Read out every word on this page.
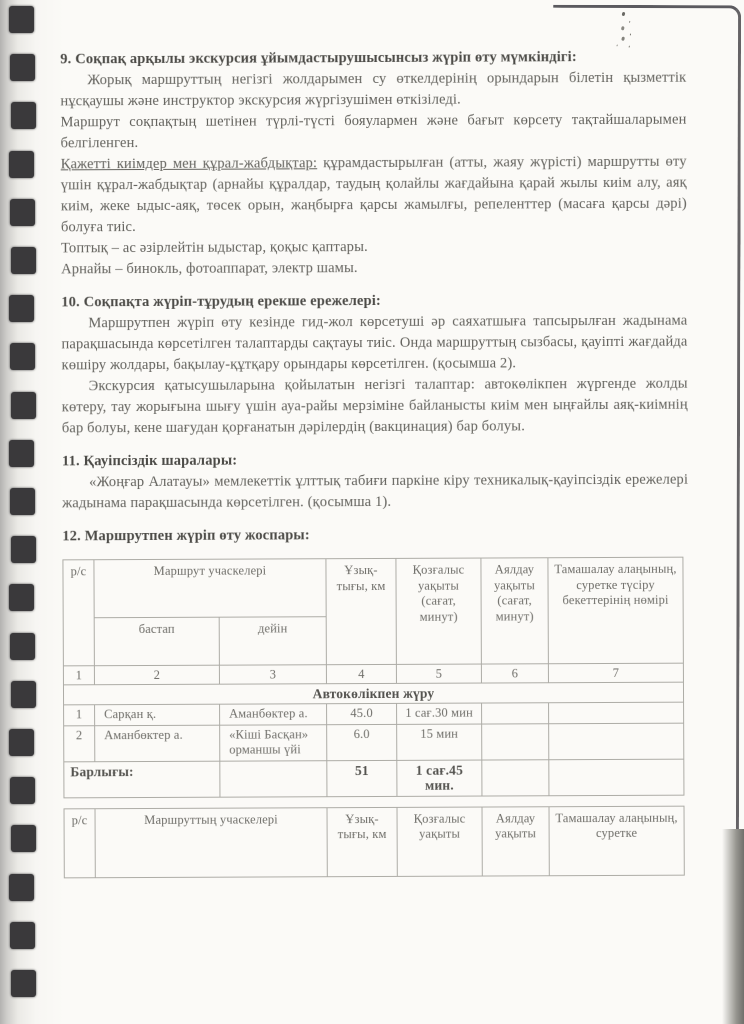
9. Соқпақ арқылы экскурсия ұйымдастырушысынсыз жүріп өту мүмкіндігі:

Жорық маршруттың негізгі жолдарымен су өткелдерінің орындарын білетін қызметтік нұсқаушы және инструктор экскурсия жүргізушімен өткізіледі.

Маршрут соқпақтың шетінен түрлі-түсті бояулармен және бағыт көрсету тақтайшаларымен белгіленген.

Қажетті киімдер мен құрал-жабдықтар: құрамдастырылған (атты, жаяу жүрісті) маршрутты өту үшін құрал-жабдықтар (арнайы құралдар, таудың қолайлы жағдайына қарай жылы киім алу, аяқ киім, жеке ыдыс-аяқ, төсек орын, жаңбырға қарсы жамылғы, репеленттер (масаға қарсы дәрі) болуға тиіс.

Топтық – ас әзірлейтін ыдыстар, қоқыс қаптары.

Арнайы – бинокль, фотоаппарат, электр шамы.

10. Соқпақта жүріп-тұрудың ерекше ережелері:

Маршрутпен жүріп өту кезінде гид-жол көрсетуші әр саяхатшыға тапсырылған жадынама парақшасында көрсетілген талаптарды сақтауы тиіс. Онда маршруттың сызбасы, қауіпті жағдайда көшіру жолдары, бақылау-құтқару орындары көрсетілген. (қосымша 2).

Экскурсия қатысушыларына қойылатын негізгі талаптар: автокөлікпен жүргенде жолды көтеру, тау жорығына шығу үшін ауа-райы мерзіміне байланысты киім мен ыңғайлы аяқ-киімнің бар болуы, кене шағудан қорғанатын дәрілердің (вакцинация) бар болуы.

11. Қауіпсіздік шаралары:

«Жоңғар Алатауы» мемлекеттік ұлттық табиғи паркіне кіру техникалық-қауіпсіздік ережелері жадынама парақшасында көрсетілген. (қосымша 1).

12. Маршрутпен жүріп өту жоспары:

р/с	Маршрут учаскелері		Ұзық-тығы, км	Қозғалыс уақыты (сағат, минут)	Аялдау уақыты (сағат, минут)	Тамашалау алаңының, суретке түсіру бекеттерінің нөмірі
	бастап	дейін				
1	2	3	4	5	6	7
Автокөлікпен жүру						
1	Сарқан қ.	Аманбөктер а.	45.0	1 сағ.30 мин		
2	Аманбөктер а.	«Кіші Басқан» орманшы үйі	6.0	15 мин		
Барлығы:			51	1 сағ.45 мин.		
р/с	Маршруттың учаскелері	Ұзық-тығы, км	Қозғалыс уақыты	Аялдау уақыты	Тамашалау алаңының, суретке
